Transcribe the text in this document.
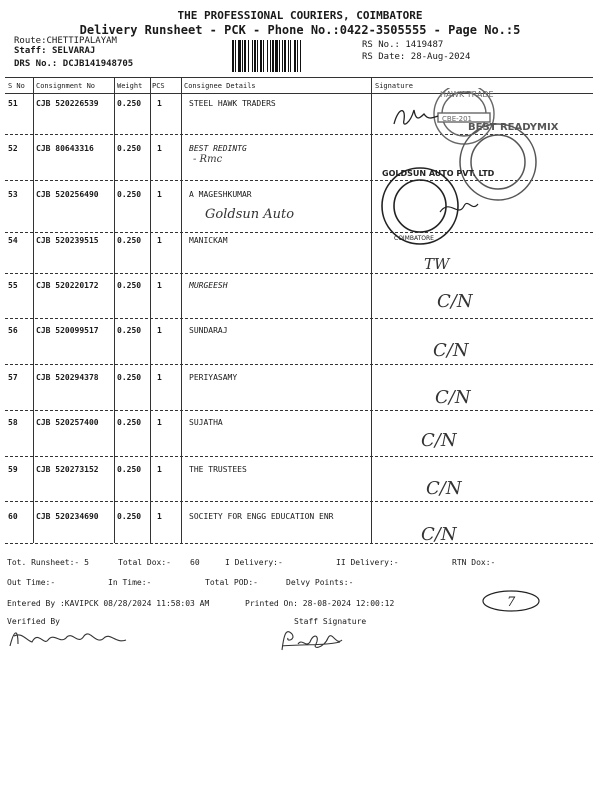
THE PROFESSIONAL COURIERS, COIMBATORE
Delivery Runsheet - PCK - Phone No.:0422-3505555 - Page No.:5
Route:CHETTIPALAYAM
Staff: SELVARAJ
DRS No.: DCJB141948705
RS No.: 1419487
RS Date: 28-Aug-2024
S No Consignment No	Weight PCS	Consignee Details	Signature
51 CJB 520226539 0.250 1	STEEL HAWK TRADERS
52 CJB 80643316	0.250 1	BEST REDINTG
- Rmc
53 CJB 520256490 0.250 1	A MAGESHKUMAR
Goldsun Auto
54 CJB 520239515 0.250 1	MANICKAM
TW
55 CJB 520220172 0.250 1	MURGEESH
C/N
56 CJB 520099517 0.250 1	SUNDARAJ
C/N
57 CJB 520294378 0.250 1	PERIYASAMY
C/N
58 CJB 520257400 0.250 1	SUJATHA
C/N
59 CJB 520273152 0.250 1	THE TRUSTEES
C/N
60 CJB 520234690 0.250 1	SOCIETY FOR ENGG EDUCATION ENR
C/N
HAWK TRADE
CBE-201
BEST READYMIX
GOLDSUN AUTO PVT. LTD
COIMBATORE
Tot. Runsheet:- 5	Total Dox:- 60	I Delivery:-	II Delivery:-	RTN Dox:-
Out Time:-	In Time:-	Total POD:-	Delvy Points:-
Entered By :KAVIPCK 08/28/2024 11:58:03 AM	Printed On: 28-08-2024 12:00:12	7
Verified By	Staff Signature
